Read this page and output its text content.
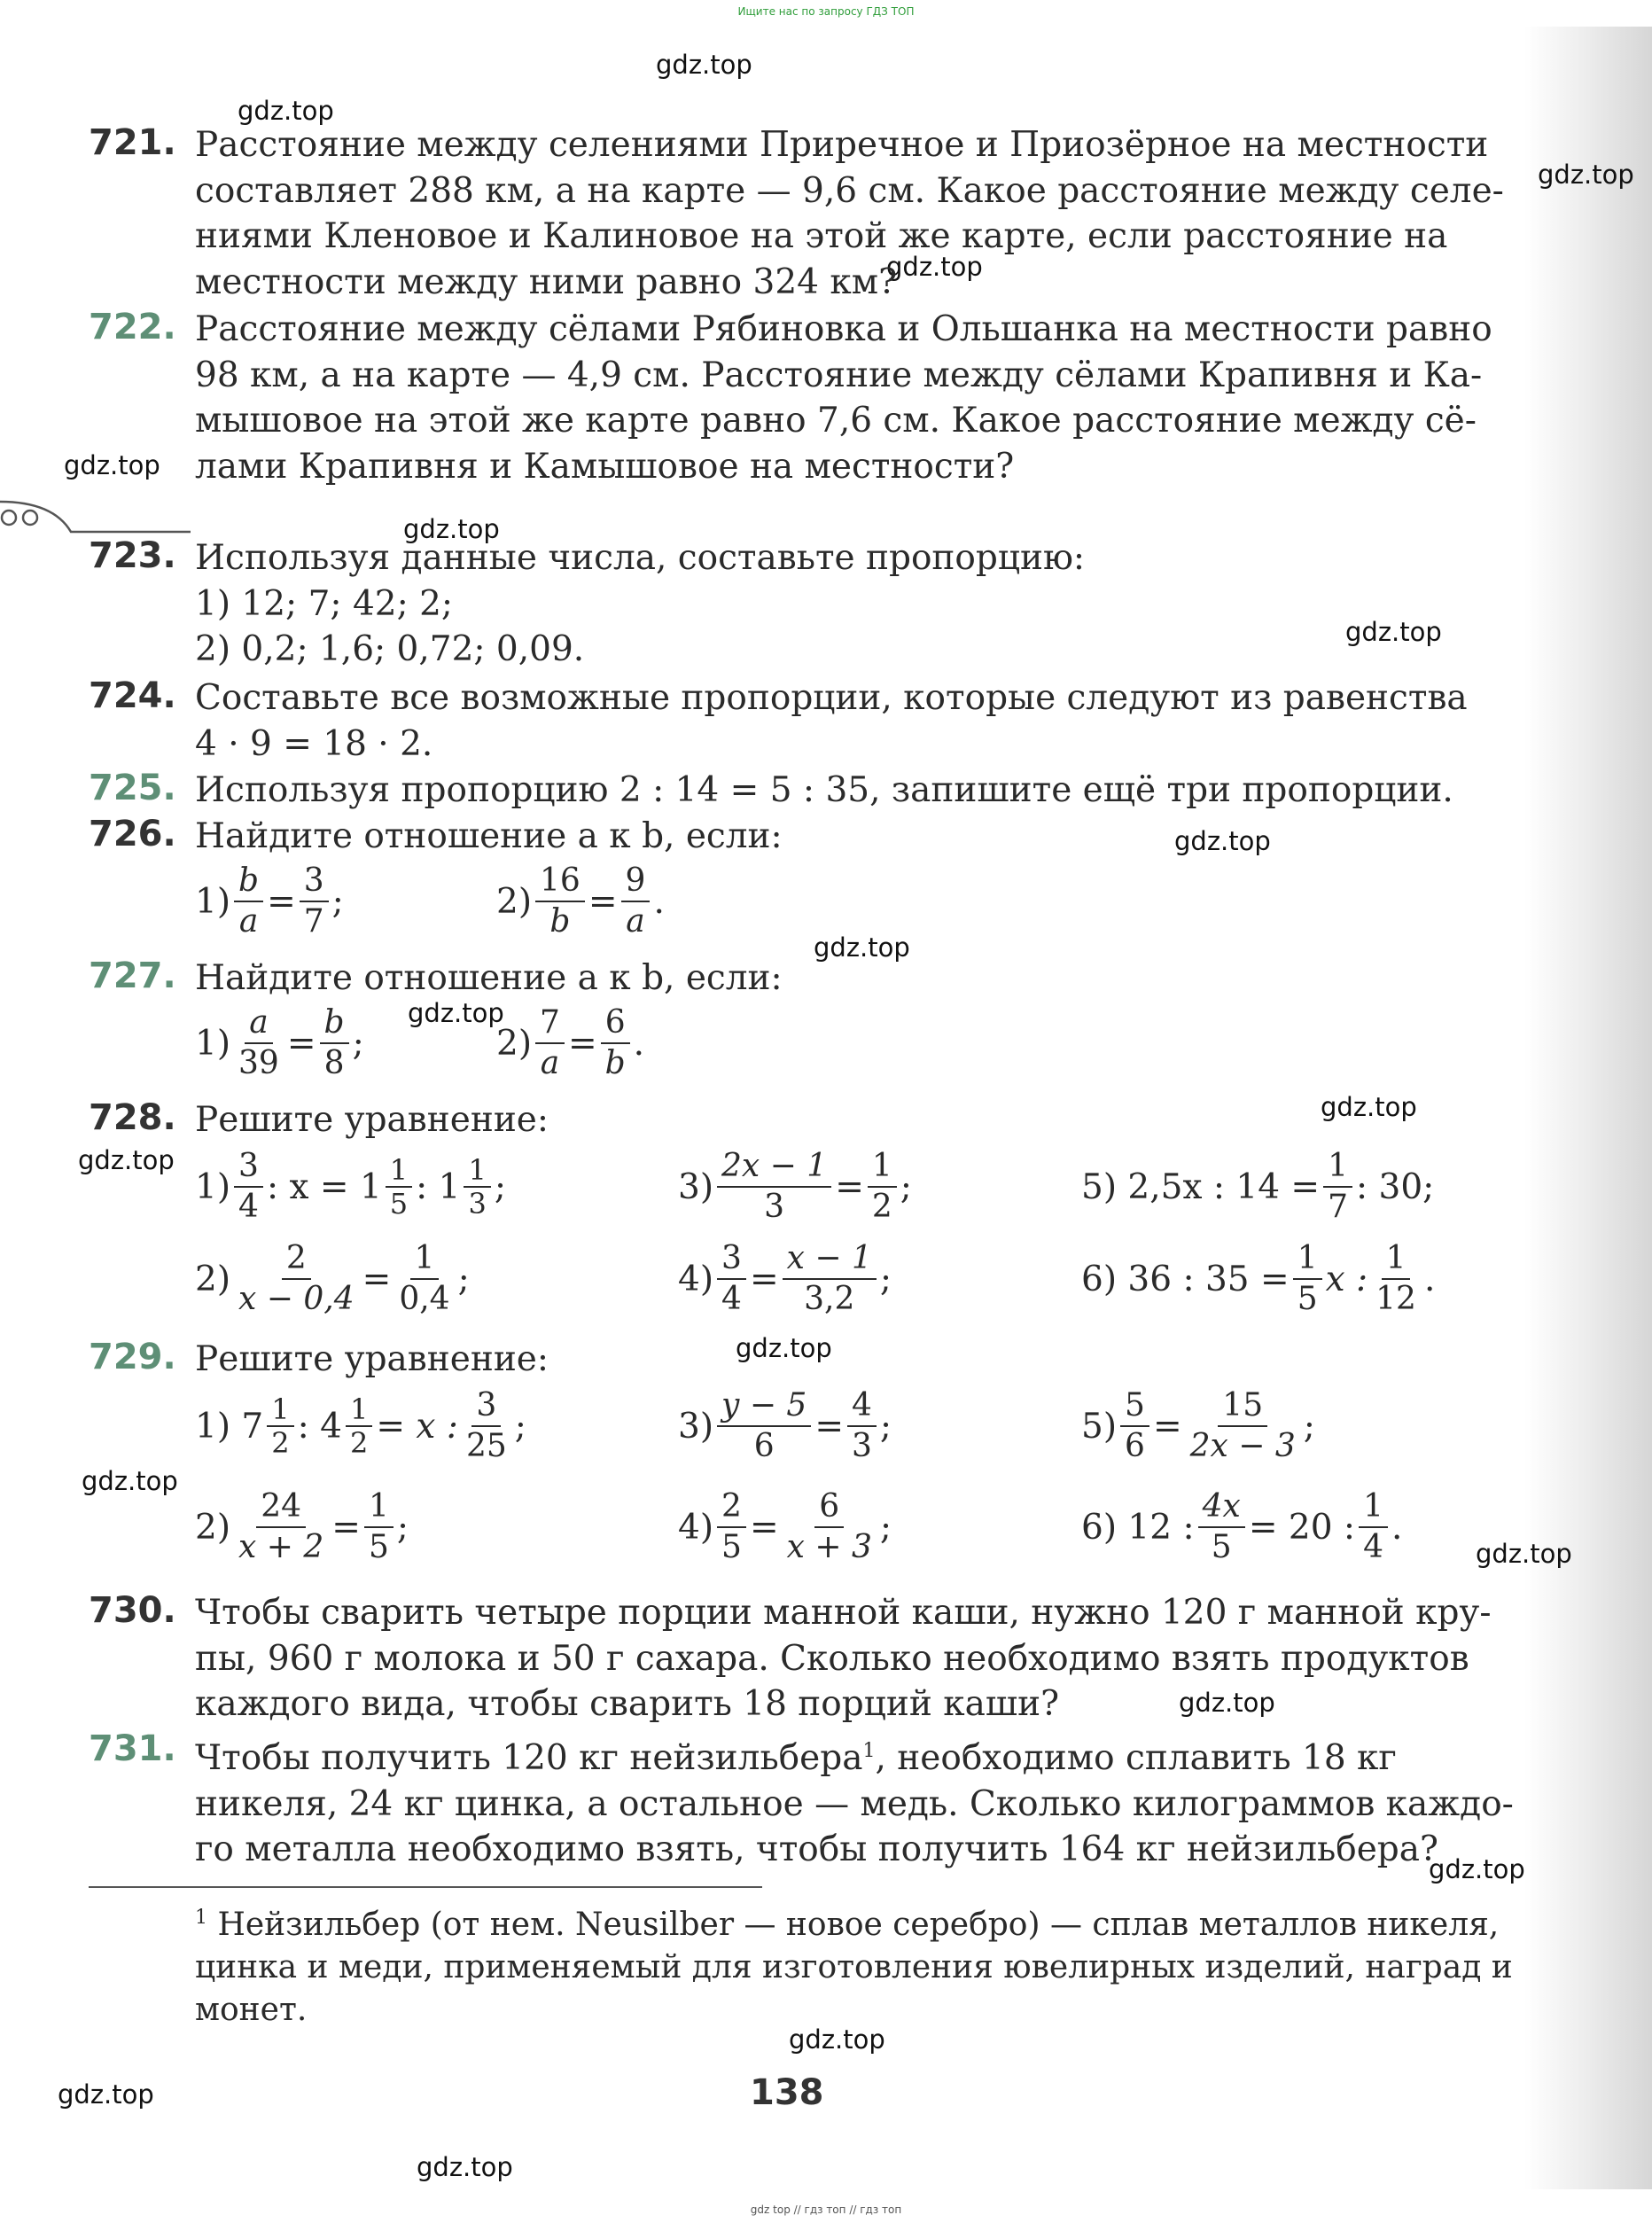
Ищите нас по запросу ГДЗ ТОП
gdz.top
gdz.top
gdz.top
gdz.top
gdz.top
gdz.top
gdz.top
gdz.top
gdz.top
gdz.top
gdz.top
gdz.top
gdz.top
gdz.top
gdz.top
gdz.top
gdz.top
gdz.top
gdz.top
gdz.top
721. Расстояние между селениями Приречное и Приозёрное на местности
составляет 288 км, а на карте — 9,6 см. Какое расстояние между селе-
ниями Кленовое и Калиновое на этой же карте, если расстояние на
местности между ними равно 324 км?
722. Расстояние между сёлами Рябиновка и Ольшанка на местности равно
98 км, а на карте — 4,9 см. Расстояние между сёлами Крапивня и Ка-
мышовое на этой же карте равно 7,6 см. Какое расстояние между сё-
лами Крапивня и Камышовое на местности?
723. Используя данные числа, составьте пропорцию:
1) 12; 7; 42; 2;
2) 0,2; 1,6; 0,72; 0,09.
724. Составьте все возможные пропорции, которые следуют из равенства
4 · 9 = 18 · 2.
725. Используя пропорцию 2 : 14 = 5 : 35, запишите ещё три пропорции.
726. Найдите отношение a к b, если:
$1) \frac{b}{a} = \frac{3}{7}$ ;	$2) \frac{16}{b} = \frac{9}{a}$ .
727. Найдите отношение a к b, если:
$1) \frac{a}{39} = \frac{b}{8}$ ;	$2) \frac{7}{a} = \frac{6}{b}$ .
728. Решите уравнение:
$1) \frac{3}{4}$ : $x = 1 \frac{1}{5}$ : $1 \frac{1}{3}$ ;	$3) \frac{2x - 1}{3} = \frac{1}{2}$ ;	5) 2,5x : $14 = \frac{1}{7}$ : 30;
$2) \frac{2}{x - 0,4} = \frac{1}{0,4}$ ;	$4) \frac{3}{4} = \frac{x - 1}{3,2}$ ;	6) 36 : $35 = \frac{1}{5}$ x : $\frac{1}{12}$ .
729. Решите уравнение:
1) $7 \frac{1}{2}$ : $4 \frac{1}{2} = x$ : $\frac{3}{25}$ ;	$3) \frac{y - 5}{6} = \frac{4}{3}$ ;	$5) \frac{5}{6} = \frac{15}{2x - 3}$ ;
$2) \frac{24}{x + 2} = \frac{1}{5}$ ;	$4) \frac{2}{5} = \frac{6}{x + 3}$ ;	6) 12 : $\frac{4x}{5} = 20$ : $\frac{1}{4}$ .
730. Чтобы сварить четыре порции манной каши, нужно 120 г манной кру-
пы, 960 г молока и 50 г сахара. Сколько необходимо взять продуктов
каждого вида, чтобы сварить 18 порций каши?
731. Чтобы получить 120 кг нейзильбера$^1$, необходимо сплавить 18 кг
никеля, 24 кг цинка, а остальное — медь. Сколько килограммов каждо-
го металла необходимо взять, чтобы получить 164 кг нейзильбера?
$^1$ Нейзильбер (от нем. Neusilber — новое серебро) — сплав металлов никеля,
цинка и меди, применяемый для изготовления ювелирных изделий, наград и
монет.
138
gdz top // гдз топ // гдз топ
